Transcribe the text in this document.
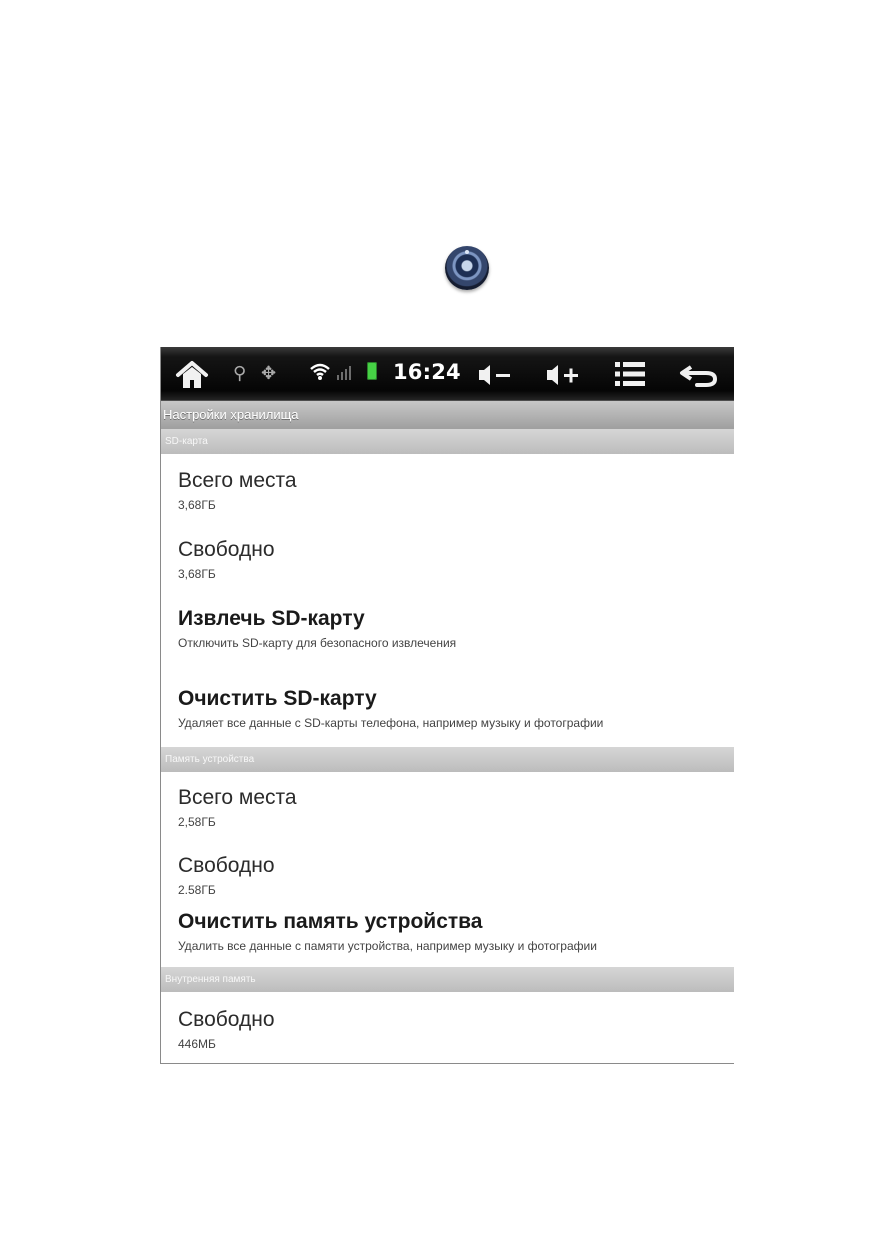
⚲ ✥	16:24
Настройки хранилища
SD-карта
Всего места
3,68ГБ
Свободно
3,68ГБ
Извлечь SD-карту
Отключить SD-карту для безопасного извлечения
Очистить SD-карту
Удаляет все данные с SD-карты телефона, например музыку и фотографии
Память устройства
Всего места
2,58ГБ
Свободно
2.58ГБ
Очистить память устройства
Удалить все данные с памяти устройства, например музыку и фотографии
Внутренняя память
Свободно
446МБ
